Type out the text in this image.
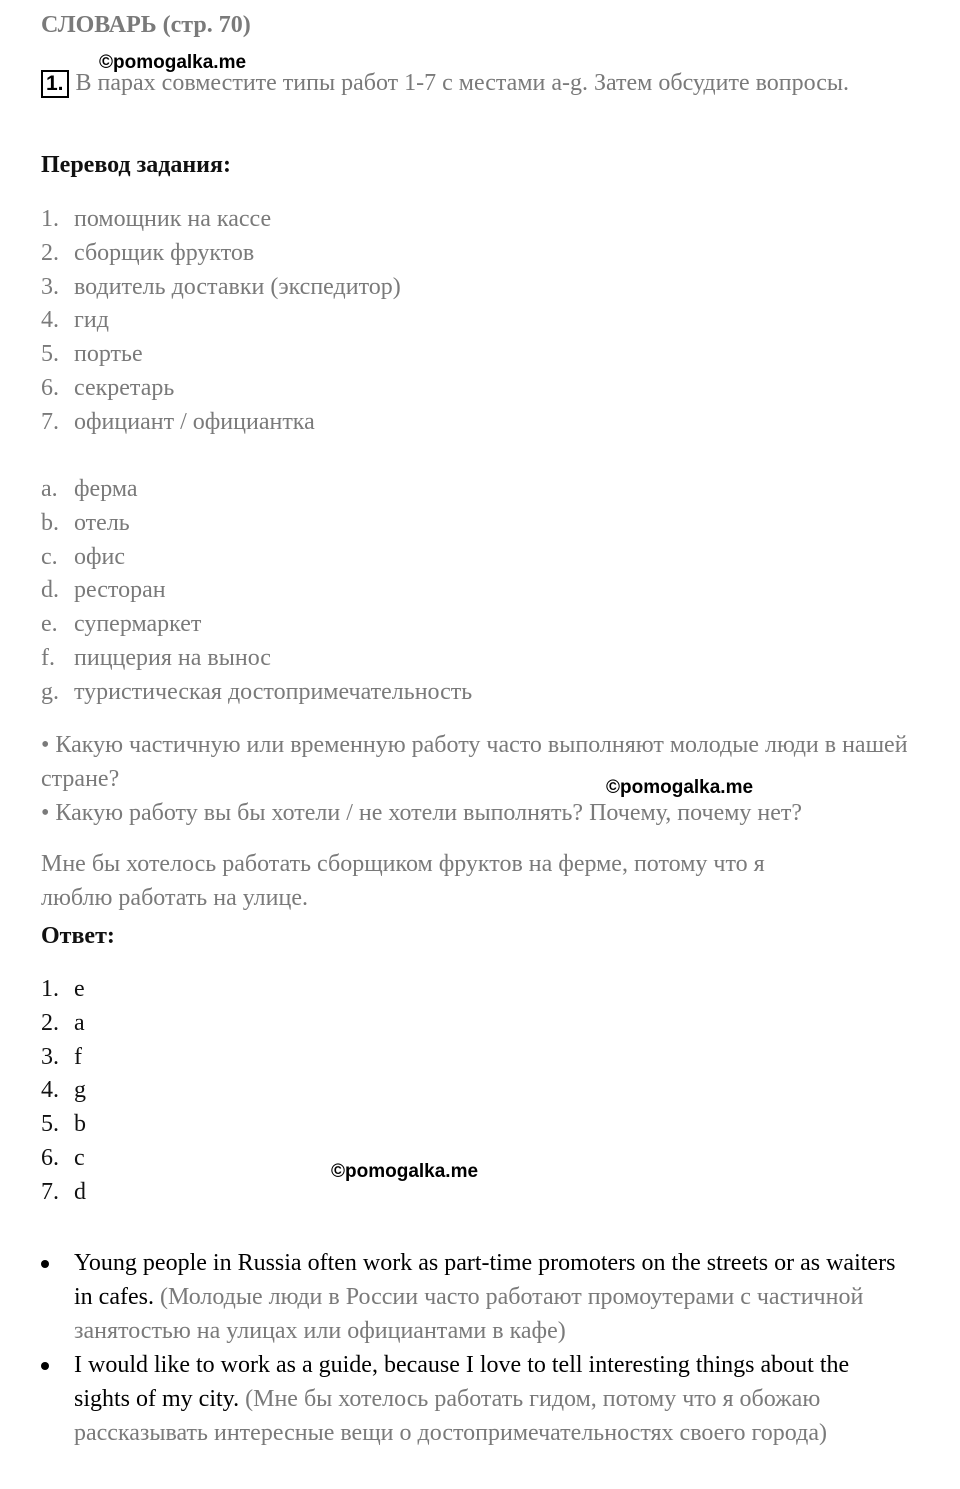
СЛОВАРЬ (стр. 70)
©pomogalka.me
1. В парах совместите типы работ 1-7 с местами a-g. Затем обсудите вопросы.
Перевод задания:
1. помощник на кассе
2. сборщик фруктов
3. водитель доставки (экспедитор)
4. гид
5. портье
6. секретарь
7. официант / официантка
a. ферма
b. отель
c. офис
d. ресторан
e. супермаркет
f. пиццерия на вынос
g. туристическая достопримечательность
• Какую частичную или временную работу часто выполняют молодые люди в нашей стране?	©pomogalka.me
• Какую работу вы бы хотели / не хотели выполнять? Почему, почему нет?
Мне бы хотелось работать сборщиком фруктов на ферме, потому что я люблю работать на улице.
Ответ:
1. e
2. a
3. f
4. g
5. b
6. c
7. d
©pomogalka.me
Young people in Russia often work as part-time promoters on the streets or as waiters in cafes. (Молодые люди в России часто работают промоутерами с частичной занятостью на улицах или официантами в кафе)
I would like to work as a guide, because I love to tell interesting things about the sights of my city. (Мне бы хотелось работать гидом, потому что я обожаю рассказывать интересные вещи о достопримечательностях своего города)
